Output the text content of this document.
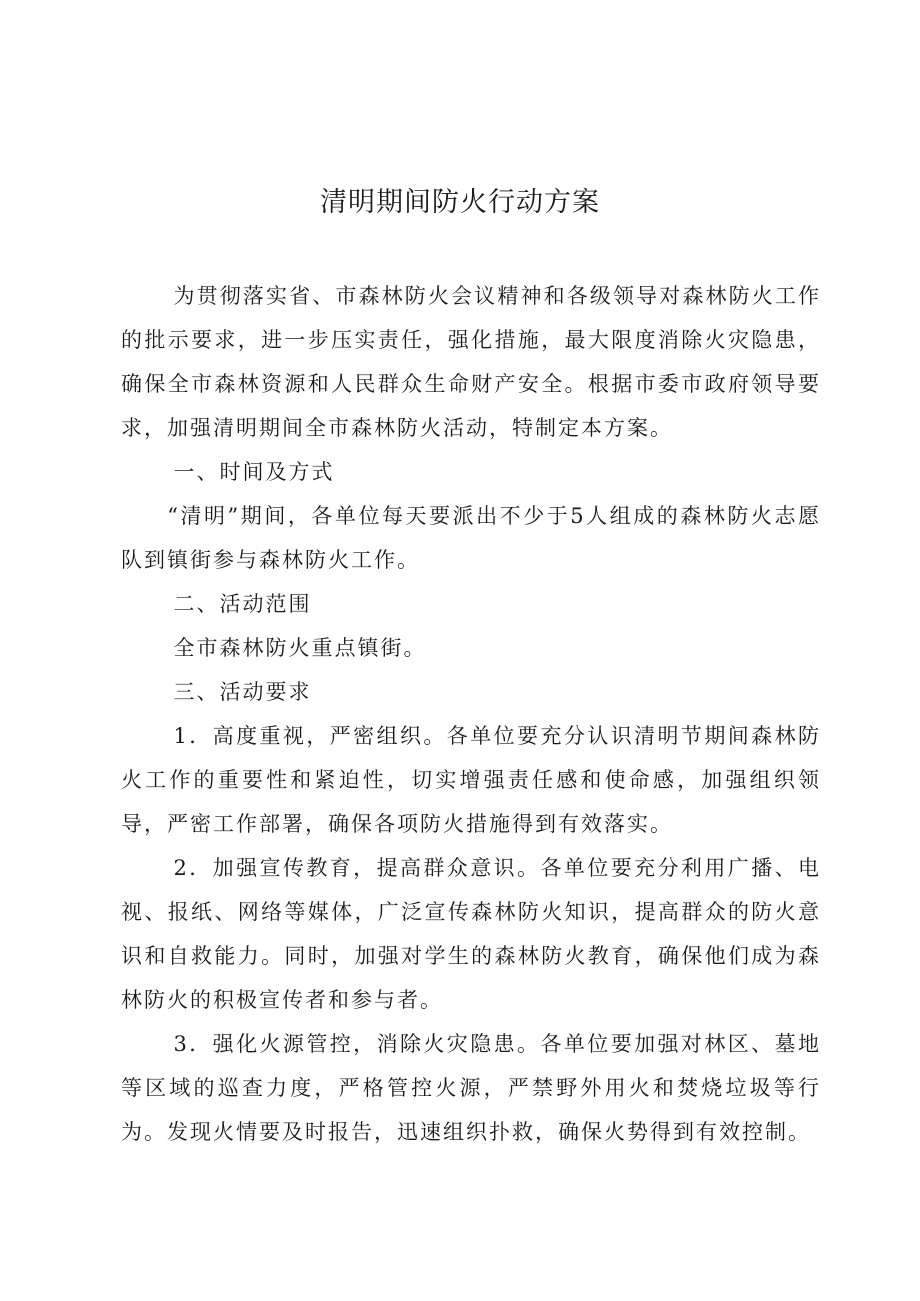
清明期间防火行动方案

为贯彻落实省、市森林防火会议精神和各级领导对森林防火工作的批示要求，进一步压实责任，强化措施，最大限度消除火灾隐患，确保全市森林资源和人民群众生命财产安全。根据市委市政府领导要求，加强清明期间全市森林防火活动，特制定本方案。

一、时间及方式

“清明”期间，各单位每天要派出不少于5人组成的森林防火志愿队到镇街参与森林防火工作。

二、活动范围

全市森林防火重点镇街。

三、活动要求

1．高度重视，严密组织。各单位要充分认识清明节期间森林防火工作的重要性和紧迫性，切实增强责任感和使命感，加强组织领导，严密工作部署，确保各项防火措施得到有效落实。

2．加强宣传教育，提高群众意识。各单位要充分利用广播、电视、报纸、网络等媒体，广泛宣传森林防火知识，提高群众的防火意识和自救能力。同时，加强对学生的森林防火教育，确保他们成为森林防火的积极宣传者和参与者。

3．强化火源管控，消除火灾隐患。各单位要加强对林区、墓地等区域的巡查力度，严格管控火源，严禁野外用火和焚烧垃圾等行为。发现火情要及时报告，迅速组织扑救，确保火势得到有效控制。
